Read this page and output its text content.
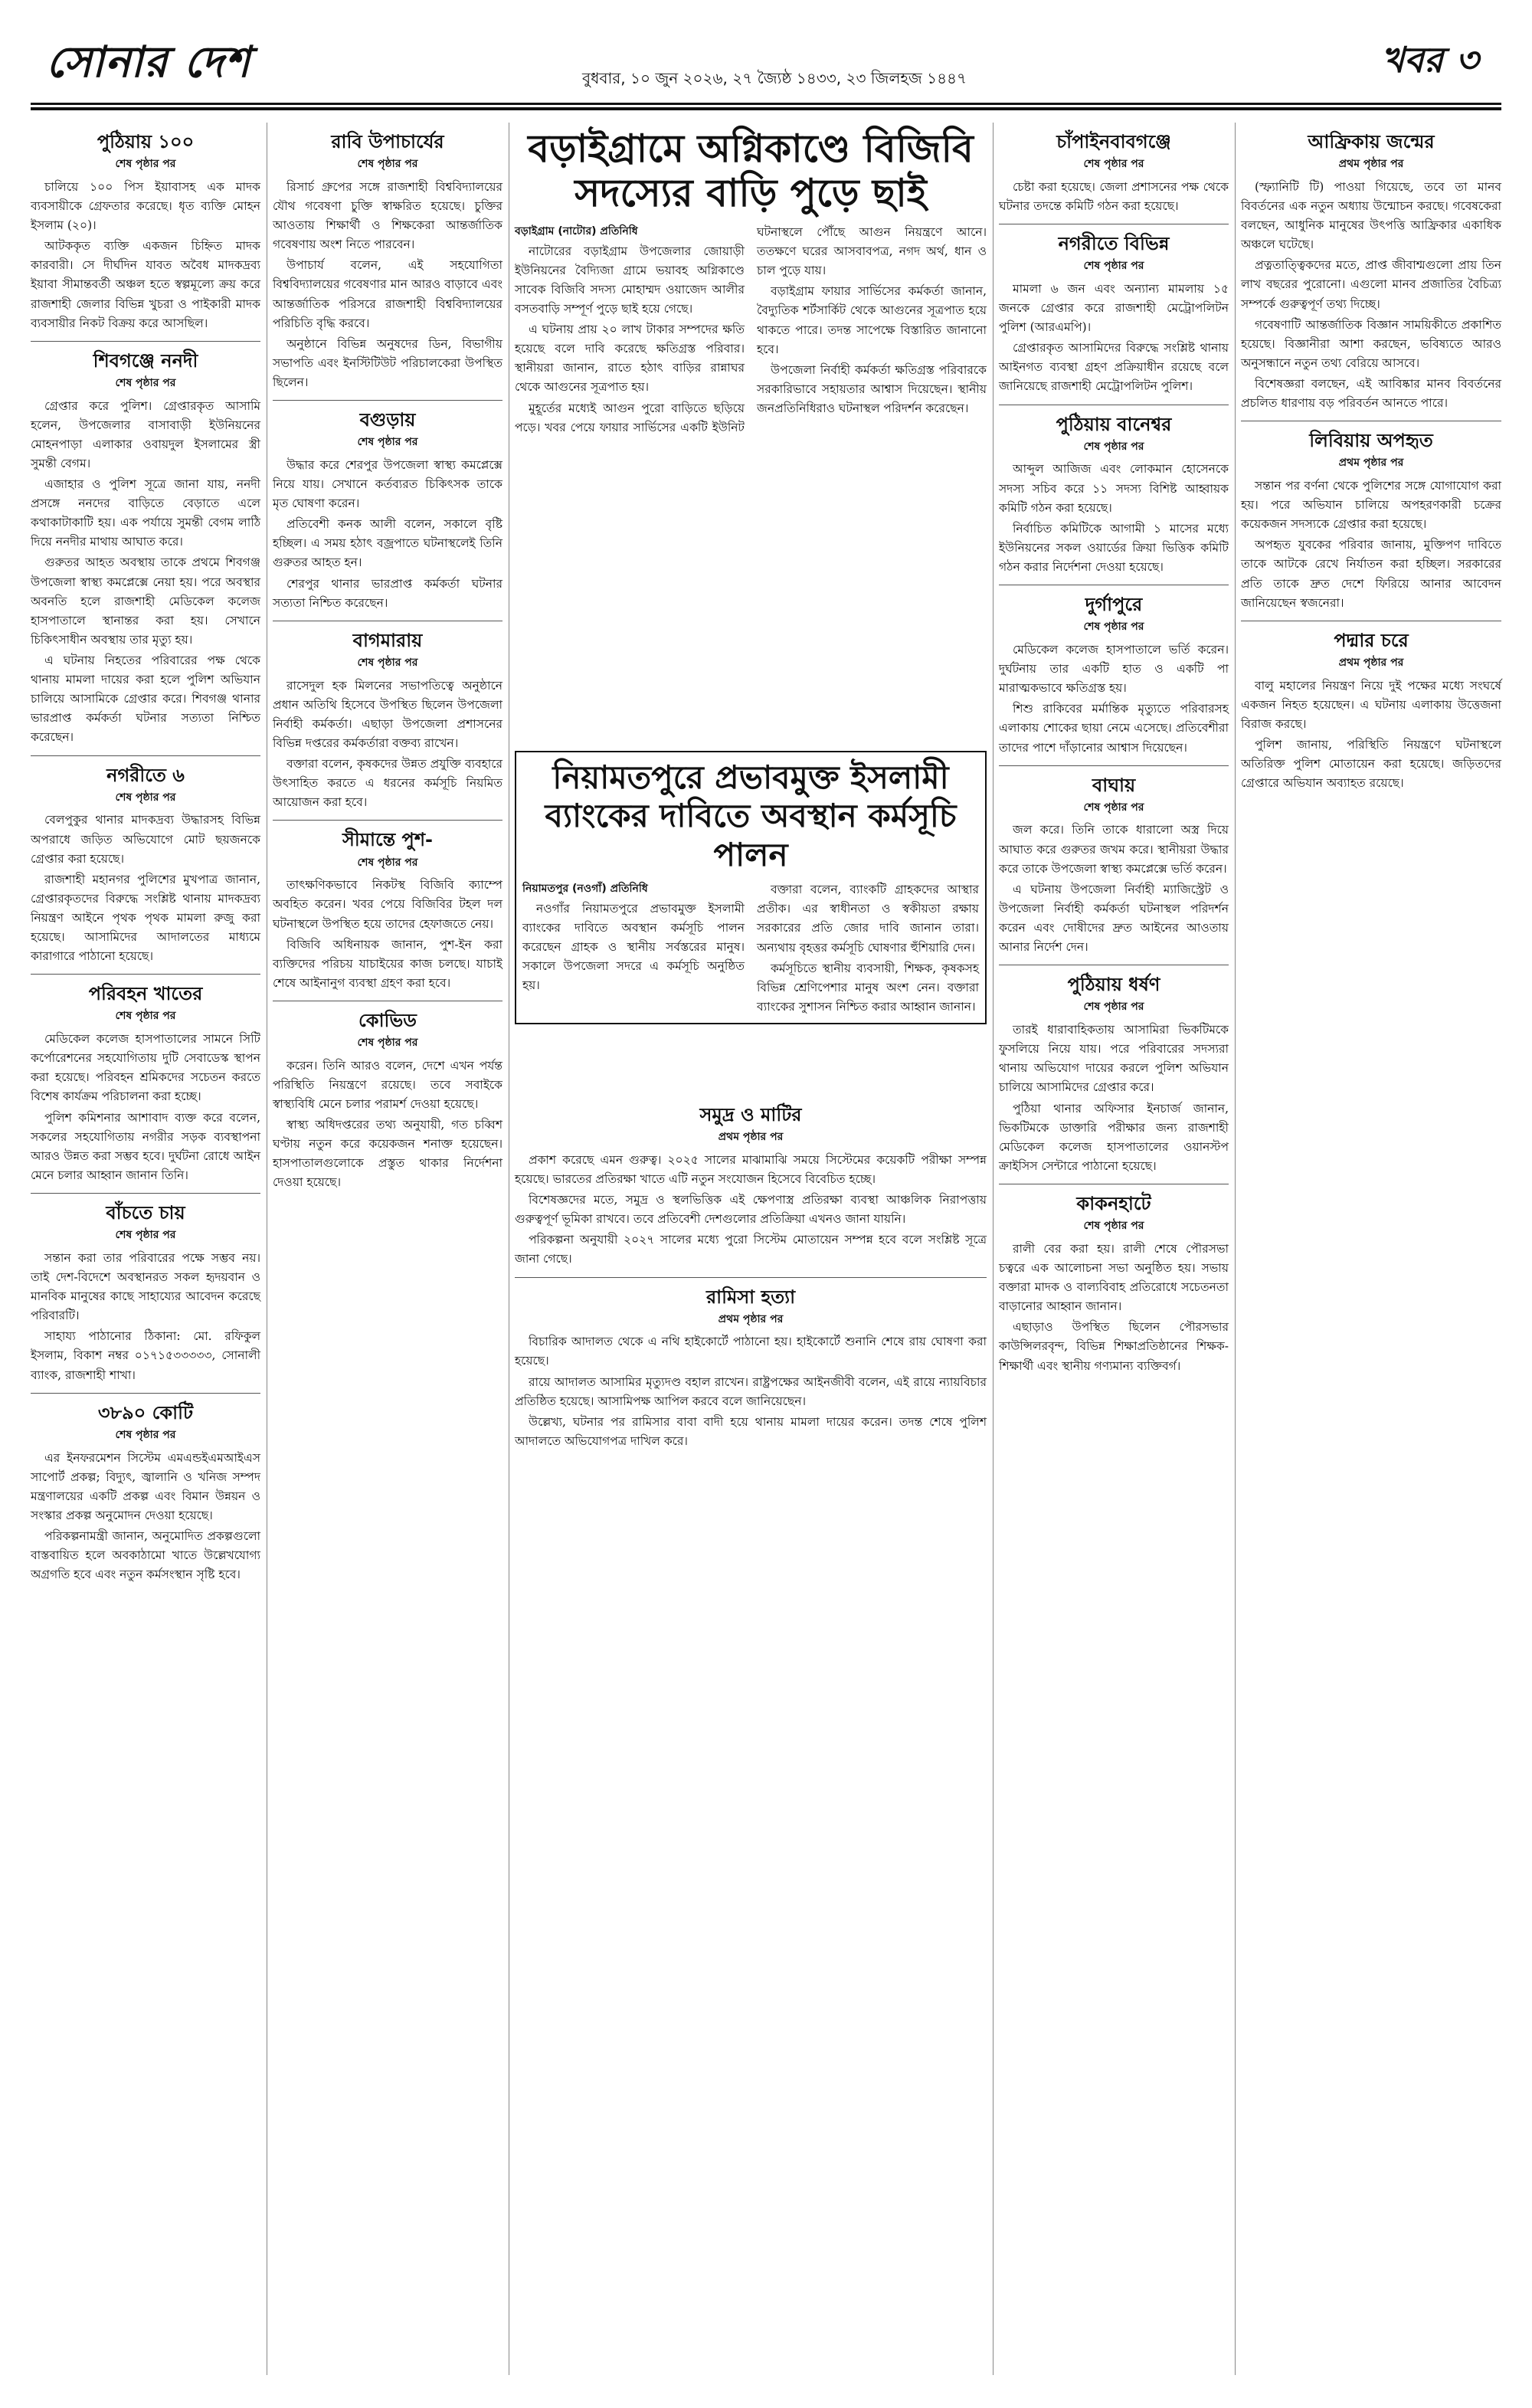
সোনার দেশ	বুধবার, ১০ জুন ২০২৬, ২৭ জ্যৈষ্ঠ ১৪৩৩, ২৩ জিলহজ ১৪৪৭	খবর ৩
পুঠিয়ায় ১০০
শেষ পৃষ্ঠার পর

চালিয়ে ১০০ পিস ইয়াবাসহ এক মাদক ব্যবসায়ীকে গ্রেফতার করেছে। ধৃত ব্যক্তি মোহন ইসলাম (২০)।

আটককৃত ব্যক্তি একজন চিহ্নিত মাদক কারবারী। সে দীর্ঘদিন যাবত অবৈধ মাদকদ্রব্য ইয়াবা সীমান্তবর্তী অঞ্চল হতে স্বল্পমূল্যে ক্রয় করে রাজশাহী জেলার বিভিন্ন খুচরা ও পাইকারী মাদক ব্যবসায়ীর নিকট বিক্রয় করে আসছিল।

শিবগঞ্জে ননদী
শেষ পৃষ্ঠার পর

গ্রেপ্তার করে পুলিশ। গ্রেপ্তারকৃত আসামি হলেন, উপজেলার বাসাবাড়ী ইউনিয়নের মোহনপাড়া এলাকার ওবায়দুল ইসলামের স্ত্রী সুমন্তী বেগম।

এজাহার ও পুলিশ সূত্রে জানা যায়, ননদী প্রসঙ্গে ননদের বাড়িতে বেড়াতে এলে কথাকাটাকাটি হয়। এক পর্যায়ে সুমন্তী বেগম লাঠি দিয়ে ননদীর মাথায় আঘাত করে।

গুরুতর আহত অবস্থায় তাকে প্রথমে শিবগঞ্জ উপজেলা স্বাস্থ্য কমপ্লেক্সে নেয়া হয়। পরে অবস্থার অবনতি হলে রাজশাহী মেডিকেল কলেজ হাসপাতালে স্থানান্তর করা হয়। সেখানে চিকিৎসাধীন অবস্থায় তার মৃত্যু হয়।

এ ঘটনায় নিহতের পরিবারের পক্ষ থেকে থানায় মামলা দায়ের করা হলে পুলিশ অভিযান চালিয়ে আসামিকে গ্রেপ্তার করে। শিবগঞ্জ থানার ভারপ্রাপ্ত কর্মকর্তা ঘটনার সত্যতা নিশ্চিত করেছেন।

নগরীতে ৬
শেষ পৃষ্ঠার পর

বেলপুকুর থানার মাদকদ্রব্য উদ্ধারসহ বিভিন্ন অপরাধে জড়িত অভিযোগে মোট ছয়জনকে গ্রেপ্তার করা হয়েছে।

রাজশাহী মহানগর পুলিশের মুখপাত্র জানান, গ্রেপ্তারকৃতদের বিরুদ্ধে সংশ্লিষ্ট থানায় মাদকদ্রব্য নিয়ন্ত্রণ আইনে পৃথক পৃথক মামলা রুজু করা হয়েছে। আসামিদের আদালতের মাধ্যমে কারাগারে পাঠানো হয়েছে।

পরিবহন খাতের
শেষ পৃষ্ঠার পর

মেডিকেল কলেজ হাসপাতালের সামনে সিটি কর্পোরেশনের সহযোগিতায় দুটি সেবাডেস্ক স্থাপন করা হয়েছে। পরিবহন শ্রমিকদের সচেতন করতে বিশেষ কার্যক্রম পরিচালনা করা হচ্ছে।

পুলিশ কমিশনার আশাবাদ ব্যক্ত করে বলেন, সকলের সহযোগিতায় নগরীর সড়ক ব্যবস্থাপনা আরও উন্নত করা সম্ভব হবে। দুর্ঘটনা রোধে আইন মেনে চলার আহ্বান জানান তিনি।

বাঁচতে চায়
শেষ পৃষ্ঠার পর

সন্তান করা তার পরিবারের পক্ষে সম্ভব নয়। তাই দেশ-বিদেশে অবস্থানরত সকল হৃদয়বান ও মানবিক মানুষের কাছে সাহায্যের আবেদন করেছে পরিবারটি।

সাহায্য পাঠানোর ঠিকানা: মো. রফিকুল ইসলাম, বিকাশ নম্বর ০১৭১৫৩৩৩৩৩, সোনালী ব্যাংক, রাজশাহী শাখা।

৩৮৯০ কোটি
শেষ পৃষ্ঠার পর

এর ইনফরমেশন সিস্টেম এমএন্ডইএমআইএস সাপোর্ট প্রকল্প; বিদ্যুৎ, জ্বালানি ও খনিজ সম্পদ মন্ত্রণালয়ের একটি প্রকল্প এবং বিমান উন্নয়ন ও সংস্কার প্রকল্প অনুমোদন দেওয়া হয়েছে।

পরিকল্পনামন্ত্রী জানান, অনুমোদিত প্রকল্পগুলো বাস্তবায়িত হলে অবকাঠামো খাতে উল্লেখযোগ্য অগ্রগতি হবে এবং নতুন কর্মসংস্থান সৃষ্টি হবে।

রাবি উপাচার্যের
শেষ পৃষ্ঠার পর

রিসার্চ গ্রুপের সঙ্গে রাজশাহী বিশ্ববিদ্যালয়ের যৌথ গবেষণা চুক্তি স্বাক্ষরিত হয়েছে। চুক্তির আওতায় শিক্ষার্থী ও শিক্ষকেরা আন্তর্জাতিক গবেষণায় অংশ নিতে পারবেন।

উপাচার্য বলেন, এই সহযোগিতা বিশ্ববিদ্যালয়ের গবেষণার মান আরও বাড়াবে এবং আন্তর্জাতিক পরিসরে রাজশাহী বিশ্ববিদ্যালয়ের পরিচিতি বৃদ্ধি করবে।

অনুষ্ঠানে বিভিন্ন অনুষদের ডিন, বিভাগীয় সভাপতি এবং ইনস্টিটিউট পরিচালকেরা উপস্থিত ছিলেন।

বগুড়ায়
শেষ পৃষ্ঠার পর

উদ্ধার করে শেরপুর উপজেলা স্বাস্থ্য কমপ্লেক্সে নিয়ে যায়। সেখানে কর্তব্যরত চিকিৎসক তাকে মৃত ঘোষণা করেন।

প্রতিবেশী কনক আলী বলেন, সকালে বৃষ্টি হচ্ছিল। এ সময় হঠাৎ বজ্রপাতে ঘটনাস্থলেই তিনি গুরুতর আহত হন।

শেরপুর থানার ভারপ্রাপ্ত কর্মকর্তা ঘটনার সত্যতা নিশ্চিত করেছেন।

বাগমারায়
শেষ পৃষ্ঠার পর

রাসেদুল হক মিলনের সভাপতিত্বে অনুষ্ঠানে প্রধান অতিথি হিসেবে উপস্থিত ছিলেন উপজেলা নির্বাহী কর্মকর্তা। এছাড়া উপজেলা প্রশাসনের বিভিন্ন দপ্তরের কর্মকর্তারা বক্তব্য রাখেন।

বক্তারা বলেন, কৃষকদের উন্নত প্রযুক্তি ব্যবহারে উৎসাহিত করতে এ ধরনের কর্মসূচি নিয়মিত আয়োজন করা হবে।

সীমান্তে পুশ-
শেষ পৃষ্ঠার পর

তাৎক্ষণিকভাবে নিকটস্থ বিজিবি ক্যাম্পে অবহিত করেন। খবর পেয়ে বিজিবির টহল দল ঘটনাস্থলে উপস্থিত হয়ে তাদের হেফাজতে নেয়।

বিজিবি অধিনায়ক জানান, পুশ-ইন করা ব্যক্তিদের পরিচয় যাচাইয়ের কাজ চলছে। যাচাই শেষে আইনানুগ ব্যবস্থা গ্রহণ করা হবে।

কোভিড
শেষ পৃষ্ঠার পর

করেন। তিনি আরও বলেন, দেশে এখন পর্যন্ত পরিস্থিতি নিয়ন্ত্রণে রয়েছে। তবে সবাইকে স্বাস্থ্যবিধি মেনে চলার পরামর্শ দেওয়া হয়েছে।

স্বাস্থ্য অধিদপ্তরের তথ্য অনুযায়ী, গত চব্বিশ ঘণ্টায় নতুন করে কয়েকজন শনাক্ত হয়েছেন। হাসপাতালগুলোকে প্রস্তুত থাকার নির্দেশনা দেওয়া হয়েছে।

বড়াইগ্রামে অগ্নিকাণ্ডে বিজিবি সদস্যের বাড়ি পুড়ে ছাই

বড়াইগ্রাম (নাটোর) প্রতিনিধি

নাটোরের বড়াইগ্রাম উপজেলার জোয়াড়ী ইউনিয়নের বৈদ্যিজা গ্রামে ভয়াবহ অগ্নিকাণ্ডে সাবেক বিজিবি সদস্য মোহাম্মদ ওয়াজেদ আলীর বসতবাড়ি সম্পূর্ণ পুড়ে ছাই হয়ে গেছে।

এ ঘটনায় প্রায় ২০ লাখ টাকার সম্পদের ক্ষতি হয়েছে বলে দাবি করেছে ক্ষতিগ্রস্ত পরিবার। স্থানীয়রা জানান, রাতে হঠাৎ বাড়ির রান্নাঘর থেকে আগুনের সূত্রপাত হয়।

মুহূর্তের মধ্যেই আগুন পুরো বাড়িতে ছড়িয়ে পড়ে। খবর পেয়ে ফায়ার সার্ভিসের একটি ইউনিট ঘটনাস্থলে পৌঁছে আগুন নিয়ন্ত্রণে আনে। ততক্ষণে ঘরের আসবাবপত্র, নগদ অর্থ, ধান ও চাল পুড়ে যায়।

বড়াইগ্রাম ফায়ার সার্ভিসের কর্মকর্তা জানান, বৈদ্যুতিক শর্টসার্কিট থেকে আগুনের সূত্রপাত হয়ে থাকতে পারে। তদন্ত সাপেক্ষে বিস্তারিত জানানো হবে।

উপজেলা নির্বাহী কর্মকর্তা ক্ষতিগ্রস্ত পরিবারকে সরকারিভাবে সহায়তার আশ্বাস দিয়েছেন। স্থানীয় জনপ্রতিনিধিরাও ঘটনাস্থল পরিদর্শন করেছেন।

নিয়ামতপুরে প্রভাবমুক্ত ইসলামী ব্যাংকের দাবিতে অবস্থান কর্মসূচি পালন

নিয়ামতপুর (নওগাঁ) প্রতিনিধি

নওগাঁর নিয়ামতপুরে প্রভাবমুক্ত ইসলামী ব্যাংকের দাবিতে অবস্থান কর্মসূচি পালন করেছেন গ্রাহক ও স্থানীয় সর্বস্তরের মানুষ। সকালে উপজেলা সদরে এ কর্মসূচি অনুষ্ঠিত হয়।

বক্তারা বলেন, ব্যাংকটি গ্রাহকদের আস্থার প্রতীক। এর স্বাধীনতা ও স্বকীয়তা রক্ষায় সরকারের প্রতি জোর দাবি জানান তারা। অন্যথায় বৃহত্তর কর্মসূচি ঘোষণার হুঁশিয়ারি দেন।

কর্মসূচিতে স্থানীয় ব্যবসায়ী, শিক্ষক, কৃষকসহ বিভিন্ন শ্রেণিপেশার মানুষ অংশ নেন। বক্তারা ব্যাংকের সুশাসন নিশ্চিত করার আহ্বান জানান।

সমুদ্র ও মাটির
প্রথম পৃষ্ঠার পর

প্রকাশ করেছে এমন গুরুত্ব। ২০২৫ সালের মাঝামাঝি সময়ে সিস্টেমের কয়েকটি পরীক্ষা সম্পন্ন হয়েছে। ভারতের প্রতিরক্ষা খাতে এটি নতুন সংযোজন হিসেবে বিবেচিত হচ্ছে।

বিশেষজ্ঞদের মতে, সমুদ্র ও স্থলভিত্তিক এই ক্ষেপণাস্ত্র প্রতিরক্ষা ব্যবস্থা আঞ্চলিক নিরাপত্তায় গুরুত্বপূর্ণ ভূমিকা রাখবে। তবে প্রতিবেশী দেশগুলোর প্রতিক্রিয়া এখনও জানা যায়নি।

পরিকল্পনা অনুযায়ী ২০২৭ সালের মধ্যে পুরো সিস্টেম মোতায়েন সম্পন্ন হবে বলে সংশ্লিষ্ট সূত্রে জানা গেছে।

রামিসা হত্যা
প্রথম পৃষ্ঠার পর

বিচারিক আদালত থেকে এ নথি হাইকোর্টে পাঠানো হয়। হাইকোর্টে শুনানি শেষে রায় ঘোষণা করা হয়েছে।

রায়ে আদালত আসামির মৃত্যুদণ্ড বহাল রাখেন। রাষ্ট্রপক্ষের আইনজীবী বলেন, এই রায়ে ন্যায়বিচার প্রতিষ্ঠিত হয়েছে। আসামিপক্ষ আপিল করবে বলে জানিয়েছেন।

উল্লেখ্য, ঘটনার পর রামিসার বাবা বাদী হয়ে থানায় মামলা দায়ের করেন। তদন্ত শেষে পুলিশ আদালতে অভিযোগপত্র দাখিল করে।

চাঁপাইনবাবগঞ্জে
শেষ পৃষ্ঠার পর

চেষ্টা করা হয়েছে। জেলা প্রশাসনের পক্ষ থেকে ঘটনার তদন্তে কমিটি গঠন করা হয়েছে।

নগরীতে বিভিন্ন
শেষ পৃষ্ঠার পর

মামলা ৬ জন এবং অন্যান্য মামলায় ১৫ জনকে গ্রেপ্তার করে রাজশাহী মেট্রোপলিটন পুলিশ (আরএমপি)।

গ্রেপ্তারকৃত আসামিদের বিরুদ্ধে সংশ্লিষ্ট থানায় আইনগত ব্যবস্থা গ্রহণ প্রক্রিয়াধীন রয়েছে বলে জানিয়েছে রাজশাহী মেট্রোপলিটন পুলিশ।

পুঠিয়ায় বানেশ্বর
শেষ পৃষ্ঠার পর

আব্দুল আজিজ এবং লোকমান হোসেনকে সদস্য সচিব করে ১১ সদস্য বিশিষ্ট আহ্বায়ক কমিটি গঠন করা হয়েছে।

নির্বাচিত কমিটিকে আগামী ১ মাসের মধ্যে ইউনিয়নের সকল ওয়ার্ডের ক্রিয়া ভিত্তিক কমিটি গঠন করার নির্দেশনা দেওয়া হয়েছে।

দুর্গাপুরে
শেষ পৃষ্ঠার পর

মেডিকেল কলেজ হাসপাতালে ভর্তি করেন। দুর্ঘটনায় তার একটি হাত ও একটি পা মারাত্মকভাবে ক্ষতিগ্রস্ত হয়।

শিশু রাকিবের মর্মান্তিক মৃত্যুতে পরিবারসহ এলাকায় শোকের ছায়া নেমে এসেছে। প্রতিবেশীরা তাদের পাশে দাঁড়ানোর আশ্বাস দিয়েছেন।

বাঘায়
শেষ পৃষ্ঠার পর

জল করে। তিনি তাকে ধারালো অস্ত্র দিয়ে আঘাত করে গুরুতর জখম করে। স্থানীয়রা উদ্ধার করে তাকে উপজেলা স্বাস্থ্য কমপ্লেক্সে ভর্তি করেন।

এ ঘটনায় উপজেলা নির্বাহী ম্যাজিস্ট্রেট ও উপজেলা নির্বাহী কর্মকর্তা ঘটনাস্থল পরিদর্শন করেন এবং দোষীদের দ্রুত আইনের আওতায় আনার নির্দেশ দেন।

পুঠিয়ায় ধর্ষণ
শেষ পৃষ্ঠার পর

তারই ধারাবাহিকতায় আসামিরা ভিকটিমকে ফুসলিয়ে নিয়ে যায়। পরে পরিবারের সদস্যরা থানায় অভিযোগ দায়ের করলে পুলিশ অভিযান চালিয়ে আসামিদের গ্রেপ্তার করে।

পুঠিয়া থানার অফিসার ইনচার্জ জানান, ভিকটিমকে ডাক্তারি পরীক্ষার জন্য রাজশাহী মেডিকেল কলেজ হাসপাতালের ওয়ানস্টপ ক্রাইসিস সেন্টারে পাঠানো হয়েছে।

কাকনহাটে
শেষ পৃষ্ঠার পর

রালী বের করা হয়। রালী শেষে পৌরসভা চত্বরে এক আলোচনা সভা অনুষ্ঠিত হয়। সভায় বক্তারা মাদক ও বাল্যবিবাহ প্রতিরোধে সচেতনতা বাড়ানোর আহ্বান জানান।

এছাড়াও উপস্থিত ছিলেন পৌরসভার কাউন্সিলরবৃন্দ, বিভিন্ন শিক্ষাপ্রতিষ্ঠানের শিক্ষক-শিক্ষার্থী এবং স্থানীয় গণ্যমান্য ব্যক্তিবর্গ।

আফ্রিকায় জন্মের
প্রথম পৃষ্ঠার পর

(স্ফ্যানিটি টি) পাওয়া গিয়েছে, তবে তা মানব বিবর্তনের এক নতুন অধ্যায় উন্মোচন করছে। গবেষকেরা বলছেন, আধুনিক মানুষের উৎপত্তি আফ্রিকার একাধিক অঞ্চলে ঘটেছে।

প্রত্নতাত্ত্বিকদের মতে, প্রাপ্ত জীবাশ্মগুলো প্রায় তিন লাখ বছরের পুরোনো। এগুলো মানব প্রজাতির বৈচিত্র্য সম্পর্কে গুরুত্বপূর্ণ তথ্য দিচ্ছে।

গবেষণাটি আন্তর্জাতিক বিজ্ঞান সাময়িকীতে প্রকাশিত হয়েছে। বিজ্ঞানীরা আশা করছেন, ভবিষ্যতে আরও অনুসন্ধানে নতুন তথ্য বেরিয়ে আসবে।

বিশেষজ্ঞরা বলছেন, এই আবিষ্কার মানব বিবর্তনের প্রচলিত ধারণায় বড় পরিবর্তন আনতে পারে।

লিবিয়ায় অপহৃত
প্রথম পৃষ্ঠার পর

সন্তান পর বর্ণনা থেকে পুলিশের সঙ্গে যোগাযোগ করা হয়। পরে অভিযান চালিয়ে অপহরণকারী চক্রের কয়েকজন সদস্যকে গ্রেপ্তার করা হয়েছে।

অপহৃত যুবকের পরিবার জানায়, মুক্তিপণ দাবিতে তাকে আটকে রেখে নির্যাতন করা হচ্ছিল। সরকারের প্রতি তাকে দ্রুত দেশে ফিরিয়ে আনার আবেদন জানিয়েছেন স্বজনেরা।

পদ্মার চরে
প্রথম পৃষ্ঠার পর

বালু মহালের নিয়ন্ত্রণ নিয়ে দুই পক্ষের মধ্যে সংঘর্ষে একজন নিহত হয়েছেন। এ ঘটনায় এলাকায় উত্তেজনা বিরাজ করছে।

পুলিশ জানায়, পরিস্থিতি নিয়ন্ত্রণে ঘটনাস্থলে অতিরিক্ত পুলিশ মোতায়েন করা হয়েছে। জড়িতদের গ্রেপ্তারে অভিযান অব্যাহত রয়েছে।
